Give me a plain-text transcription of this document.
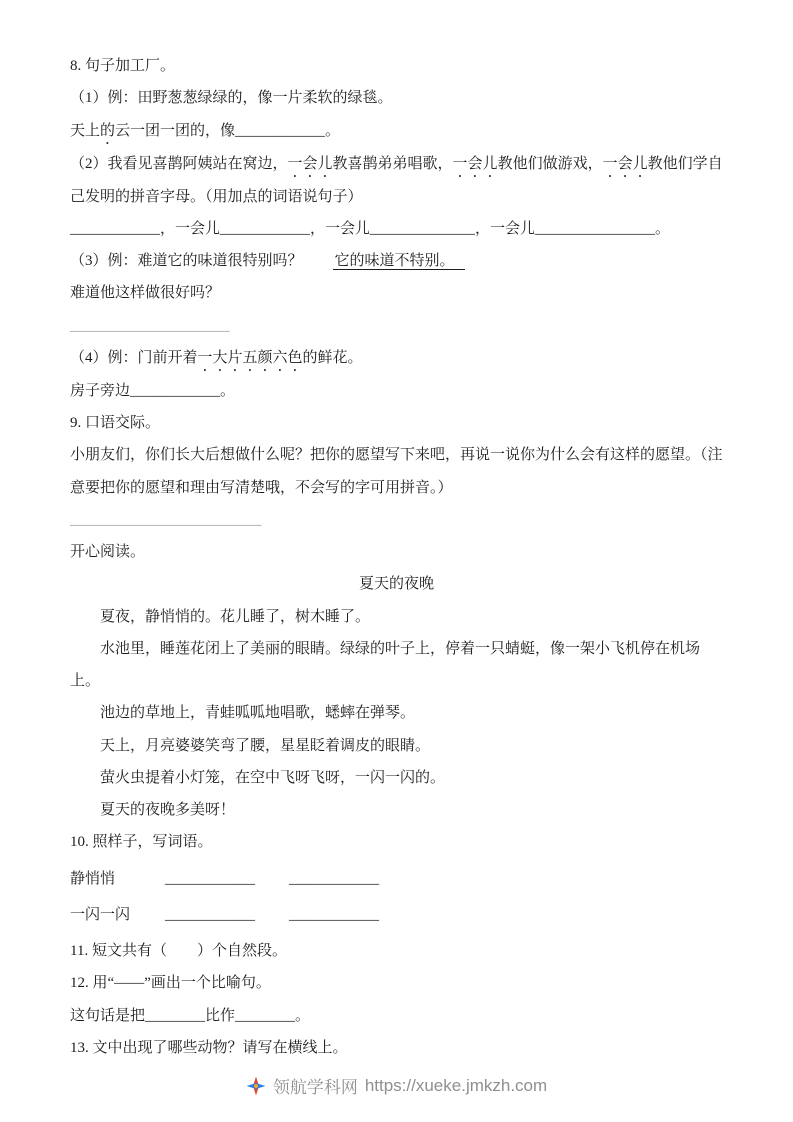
8. 句子加工厂。

（1）例：田野葱葱绿绿的，像一片柔软的绿毯。

天上的云一团一团的，像____________。

（2）我看见喜鹊阿姨站在窝边，一会儿教喜鹊弟弟唱歌，一会儿教他们做游戏，一会儿教他们学自己发明的拼音字母。（用加点的词语说句子）

____________，一会儿____________，一会儿______________，一会儿________________。

（3）例：难道它的味道很特别吗？ 它的味道不特别。

难道他这样做很好吗？

____________________

（4）例：门前开着一大片五颜六色的鲜花。

房子旁边____________。

9. 口语交际。

小朋友们，你们长大后想做什么呢？把你的愿望写下来吧，再说一说你为什么会有这样的愿望。（注意要把你的愿望和理由写清楚哦，不会写的字可用拼音。）

________________________

开心阅读。

夏天的夜晚

夏夜，静悄悄的。花儿睡了，树木睡了。

水池里，睡莲花闭上了美丽的眼睛。绿绿的叶子上，停着一只蜻蜓，像一架小飞机停在机场上。

池边的草地上，青蛙呱呱地唱歌，蟋蟀在弹琴。

天上，月亮婆婆笑弯了腰，星星眨着调皮的眼睛。

萤火虫提着小灯笼，在空中飞呀飞呀，一闪一闪的。

夏天的夜晚多美呀！

10. 照样子，写词语。

静悄悄	____________ ____________
一闪一闪	____________ ____________

11. 短文共有（　　）个自然段。

12. 用“——”画出一个比喻句。

这句话是把________比作________。

13. 文中出现了哪些动物？请写在横线上。

领航学科网 https://xueke.jmkzh.com
